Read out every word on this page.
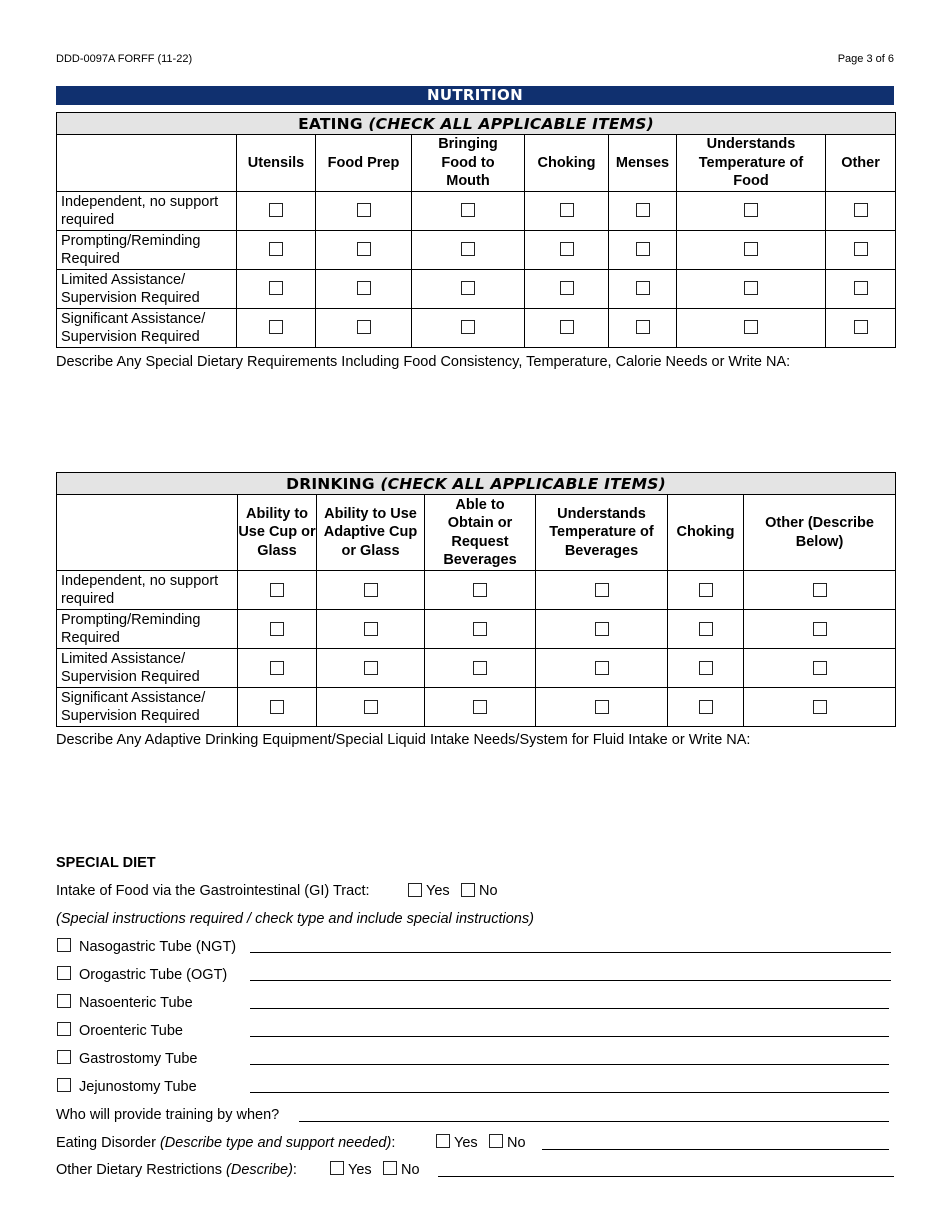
DDD-0097A FORFF (11-22)	Page 3 of 6
NUTRITION
EATING (CHECK ALL APPLICABLE ITEMS)							
	Utensils	Food Prep	Bringing Food to Mouth	Choking	Menses	Understands Temperature of Food	Other
Independent, no support required							
Prompting/Reminding Required							
Limited Assistance/ Supervision Required							
Significant Assistance/ Supervision Required							
Describe Any Special Dietary Requirements Including Food Consistency, Temperature, Calorie Needs or Write NA:
DRINKING (CHECK ALL APPLICABLE ITEMS)						
	Ability to Use Cup or Glass	Ability to Use Adaptive Cup or Glass	Able to Obtain or Request Beverages	Understands Temperature of Beverages	Choking	Other (Describe Below)
Independent, no support required						
Prompting/Reminding Required						
Limited Assistance/ Supervision Required						
Significant Assistance/ Supervision Required						
Describe Any Adaptive Drinking Equipment/Special Liquid Intake Needs/System for Fluid Intake or Write NA:
SPECIAL DIET
Intake of Food via the Gastrointestinal (GI) Tract:	Yes No
(Special instructions required / check type and include special instructions)
Nasogastric Tube (NGT)
Orogastric Tube (OGT)
Nasoenteric Tube
Oroenteric Tube
Gastrostomy Tube
Jejunostomy Tube
Who will provide training by when?
Eating Disorder (Describe type and support needed):	Yes No
Other Dietary Restrictions (Describe):	Yes No
